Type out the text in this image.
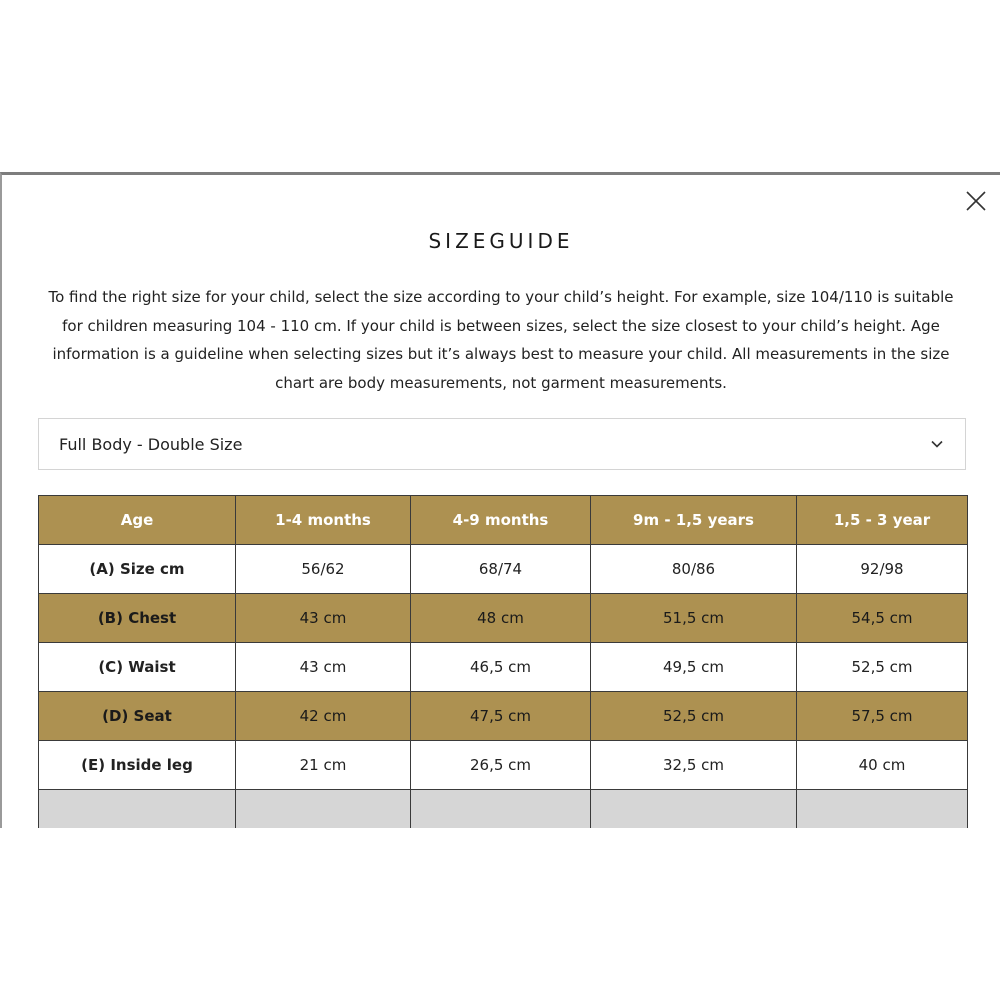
SIZEGUIDE
To find the right size for your child, select the size according to your child’s height. For example, size 104/110 is suitable for children measuring 104 - 110 cm. If your child is between sizes, select the size closest to your child’s height. Age information is a guideline when selecting sizes but it’s always best to measure your child. All measurements in the size chart are body measurements, not garment measurements.
Full Body - Double Size
Age	1-4 months	4-9 months	9m - 1,5 years	1,5 - 3 year
(A) Size cm	56/62	68/74	80/86	92/98
(B) Chest	43 cm	48 cm	51,5 cm	54,5 cm
(C) Waist	43 cm	46,5 cm	49,5 cm	52,5 cm
(D) Seat	42 cm	47,5 cm	52,5 cm	57,5 cm
(E) Inside leg	21 cm	26,5 cm	32,5 cm	40 cm
